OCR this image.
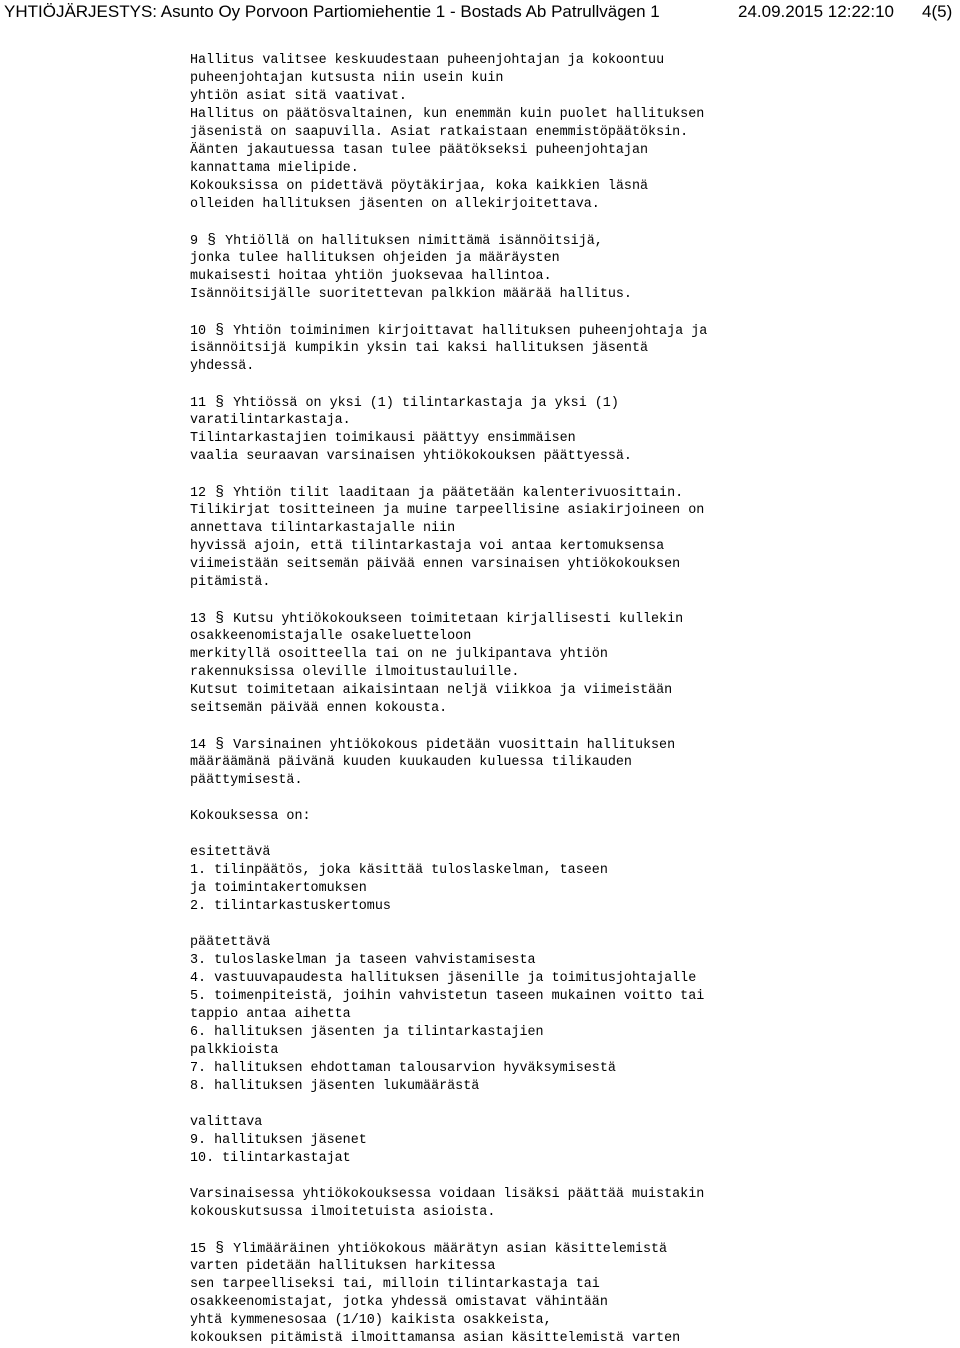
YHTIÖJÄRJESTYS: Asunto Oy Porvoon Partiomiehentie 1 - Bostads Ab Patrullvägen 1	24.09.2015 12:22:10 4(5)
Hallitus valitsee keskuudestaan puheenjohtajan ja kokoontuu
puheenjohtajan kutsusta niin usein kuin
yhtiön asiat sitä vaativat.
Hallitus on päätösvaltainen, kun enemmän kuin puolet hallituksen
jäsenistä on saapuvilla. Asiat ratkaistaan enemmistöpäätöksin.
Äänten jakautuessa tasan tulee päätökseksi puheenjohtajan
kannattama mielipide.
Kokouksissa on pidettävä pöytäkirjaa, koka kaikkien läsnä
olleiden hallituksen jäsenten on allekirjoitettava.
9 § Yhtiöllä on hallituksen nimittämä isännöitsijä,
jonka tulee hallituksen ohjeiden ja määräysten
mukaisesti hoitaa yhtiön juoksevaa hallintoa.
Isännöitsijälle suoritettevan palkkion määrää hallitus.
10 § Yhtiön toiminimen kirjoittavat hallituksen puheenjohtaja ja
isännöitsijä kumpikin yksin tai kaksi hallituksen jäsentä
yhdessä.
11 § Yhtiössä on yksi (1) tilintarkastaja ja yksi (1)
varatilintarkastaja.
Tilintarkastajien toimikausi päättyy ensimmäisen
vaalia seuraavan varsinaisen yhtiökokouksen päättyessä.
12 § Yhtiön tilit laaditaan ja päätetään kalenterivuosittain.
Tilikirjat tositteineen ja muine tarpeellisine asiakirjoineen on
annettava tilintarkastajalle niin
hyvissä ajoin, että tilintarkastaja voi antaa kertomuksensa
viimeistään seitsemän päivää ennen varsinaisen yhtiökokouksen
pitämistä.
13 § Kutsu yhtiökokoukseen toimitetaan kirjallisesti kullekin
osakkeenomistajalle osakeluetteloon
merkityllä osoitteella tai on ne julkipantava yhtiön
rakennuksissa oleville ilmoitustauluille.
Kutsut toimitetaan aikaisintaan neljä viikkoa ja viimeistään
seitsemän päivää ennen kokousta.
14 § Varsinainen yhtiökokous pidetään vuosittain hallituksen
määräämänä päivänä kuuden kuukauden kuluessa tilikauden
päättymisestä.
Kokouksessa on:
esitettävä
1. tilinpäätös, joka käsittää tuloslaskelman, taseen
ja toimintakertomuksen
2. tilintarkastuskertomus
päätettävä
3. tuloslaskelman ja taseen vahvistamisesta
4. vastuuvapaudesta hallituksen jäsenille ja toimitusjohtajalle
5. toimenpiteistä, joihin vahvistetun taseen mukainen voitto tai
tappio antaa aihetta
6. hallituksen jäsenten ja tilintarkastajien
palkkioista
7. hallituksen ehdottaman talousarvion hyväksymisestä
8. hallituksen jäsenten lukumäärästä
valittava
9. hallituksen jäsenet
10. tilintarkastajat
Varsinaisessa yhtiökokouksessa voidaan lisäksi päättää muistakin
kokouskutsussa ilmoitetuista asioista.
15 § Ylimääräinen yhtiökokous määrätyn asian käsittelemistä
varten pidetään hallituksen harkitessa
sen tarpeelliseksi tai, milloin tilintarkastaja tai
osakkeenomistajat, jotka yhdessä omistavat vähintään
yhtä kymmenesosaa (1/10) kaikista osakkeista,
kokouksen pitämistä ilmoittamansa asian käsittelemistä varten
